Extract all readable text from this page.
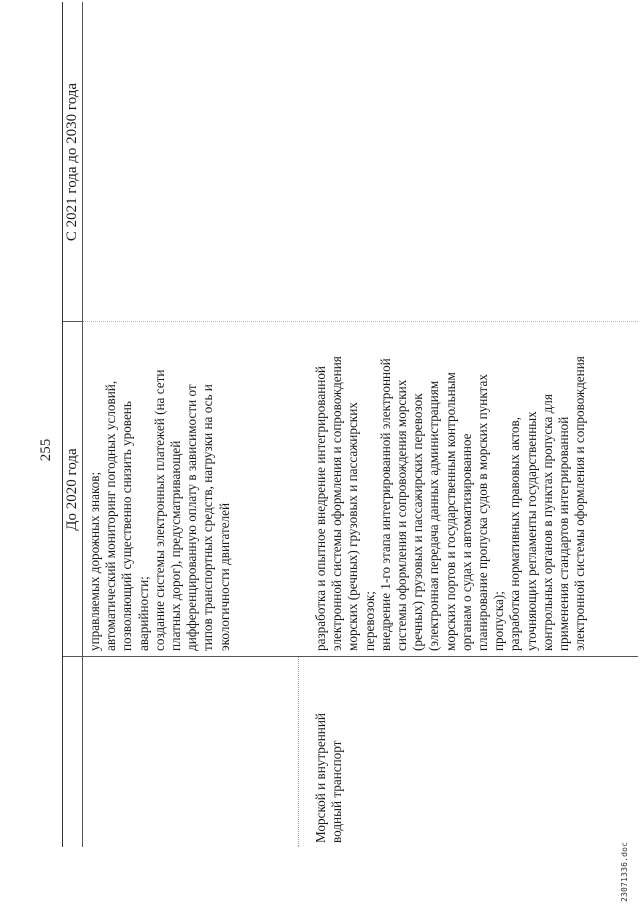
255 До 2020 года
С 2021 года до 2030 года
управляемых дорожных знаков; автоматический мониторинг погодных условий, позволяющий существенно снизить уровень аварийности; создание системы электронных платежей (на сети платных дорог), предусматривающей дифференцированную оплату в зависимости от типов транспортных средств, нагрузки на ось и экологичности двигателей
Морской и внутренний
водный транспорт
разработка и опытное внедрение интегрированной электронной системы оформления и сопровождения морских (речных) грузовых и пассажирских перевозок; внедрение 1-го этапа интегрированной электронной системы оформления и сопровождения морских (речных) грузовых и пассажирских перевозок (электронная передача данных администрациям морских портов и государственным контрольным органам о судах и автоматизированное планирование пропуска судов в морских пунктах пропуска); разработка нормативных правовых актов, уточняющих регламенты государственных контрольных органов в пунктах пропуска для применения стандартов интегрированной электронной системы оформления и сопровождения
23071336.doc
